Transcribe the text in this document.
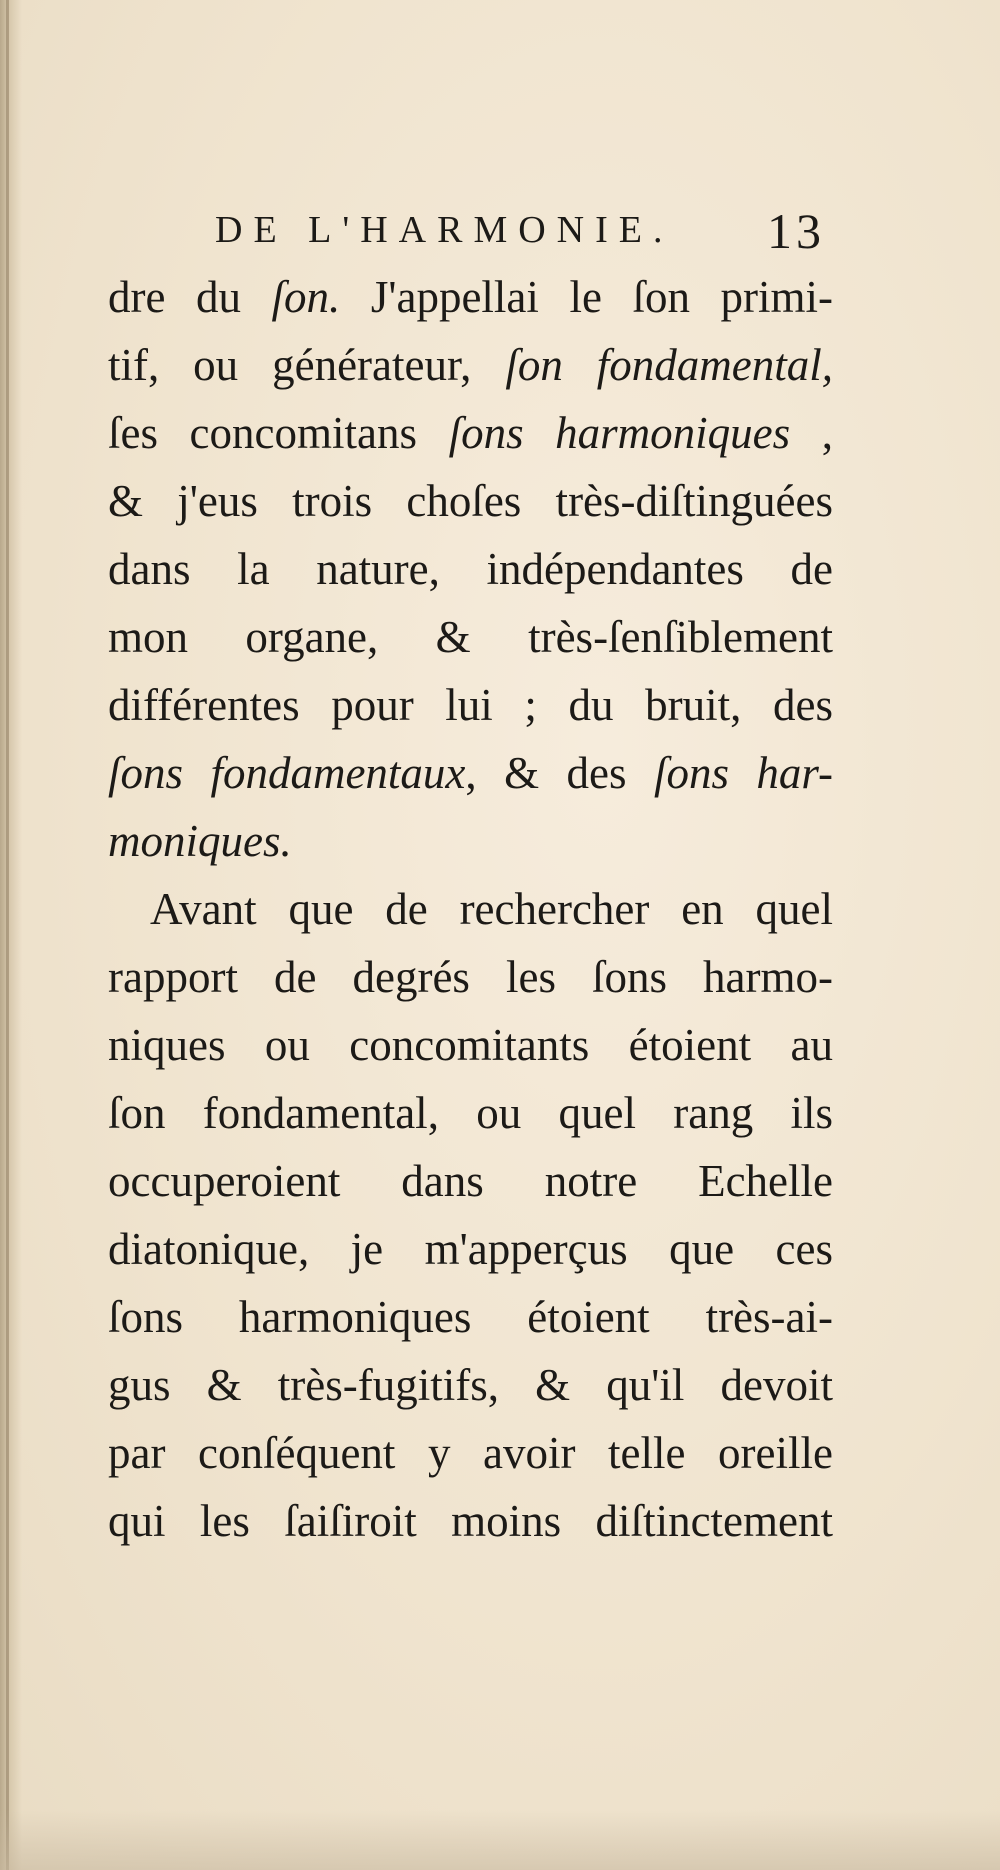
DE L'HARMONIE. 13
dre du ſon. J'appellai le ſon primi-
tif, ou générateur, ſon fondamental,
ſes concomitans ſons harmoniques ,
& j'eus trois choſes très-diſtinguées
dans la nature, indépendantes de
mon organe, & très-ſenſiblement
différentes pour lui ; du bruit, des
ſons fondamentaux, & des ſons har-
moniques.
Avant que de rechercher en quel
rapport de degrés les ſons harmo-
niques ou concomitants étoient au
ſon fondamental, ou quel rang ils
occuperoient dans notre Echelle
diatonique, je m'apperçus que ces
ſons harmoniques étoient très-ai-
gus & très-fugitifs, & qu'il devoit
par conſéquent y avoir telle oreille
qui les ſaiſiroit moins diſtinctement
